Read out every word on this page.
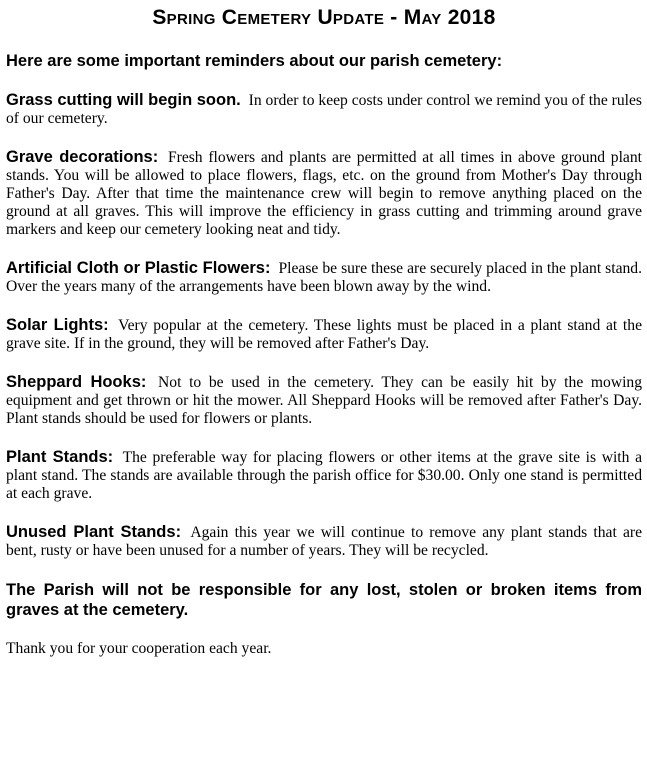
Spring Cemetery Update - May 2018

Here are some important reminders about our parish cemetery:

Grass cutting will begin soon. In order to keep costs under control we remind you of the rules of our cemetery.

Grave decorations: Fresh flowers and plants are permitted at all times in above ground plant stands. You will be allowed to place flowers, flags, etc. on the ground from Mother's Day through Father's Day. After that time the maintenance crew will begin to remove anything placed on the ground at all graves. This will improve the efficiency in grass cutting and trimming around grave markers and keep our cemetery looking neat and tidy.

Artificial Cloth or Plastic Flowers: Please be sure these are securely placed in the plant stand. Over the years many of the arrangements have been blown away by the wind.

Solar Lights: Very popular at the cemetery. These lights must be placed in a plant stand at the grave site. If in the ground, they will be removed after Father's Day.

Sheppard Hooks: Not to be used in the cemetery. They can be easily hit by the mowing equipment and get thrown or hit the mower. All Sheppard Hooks will be removed after Father's Day. Plant stands should be used for flowers or plants.

Plant Stands: The preferable way for placing flowers or other items at the grave site is with a plant stand. The stands are available through the parish office for $30.00. Only one stand is permitted at each grave.

Unused Plant Stands: Again this year we will continue to remove any plant stands that are bent, rusty or have been unused for a number of years. They will be recycled.

The Parish will not be responsible for any lost, stolen or broken items from graves at the cemetery.

Thank you for your cooperation each year.
